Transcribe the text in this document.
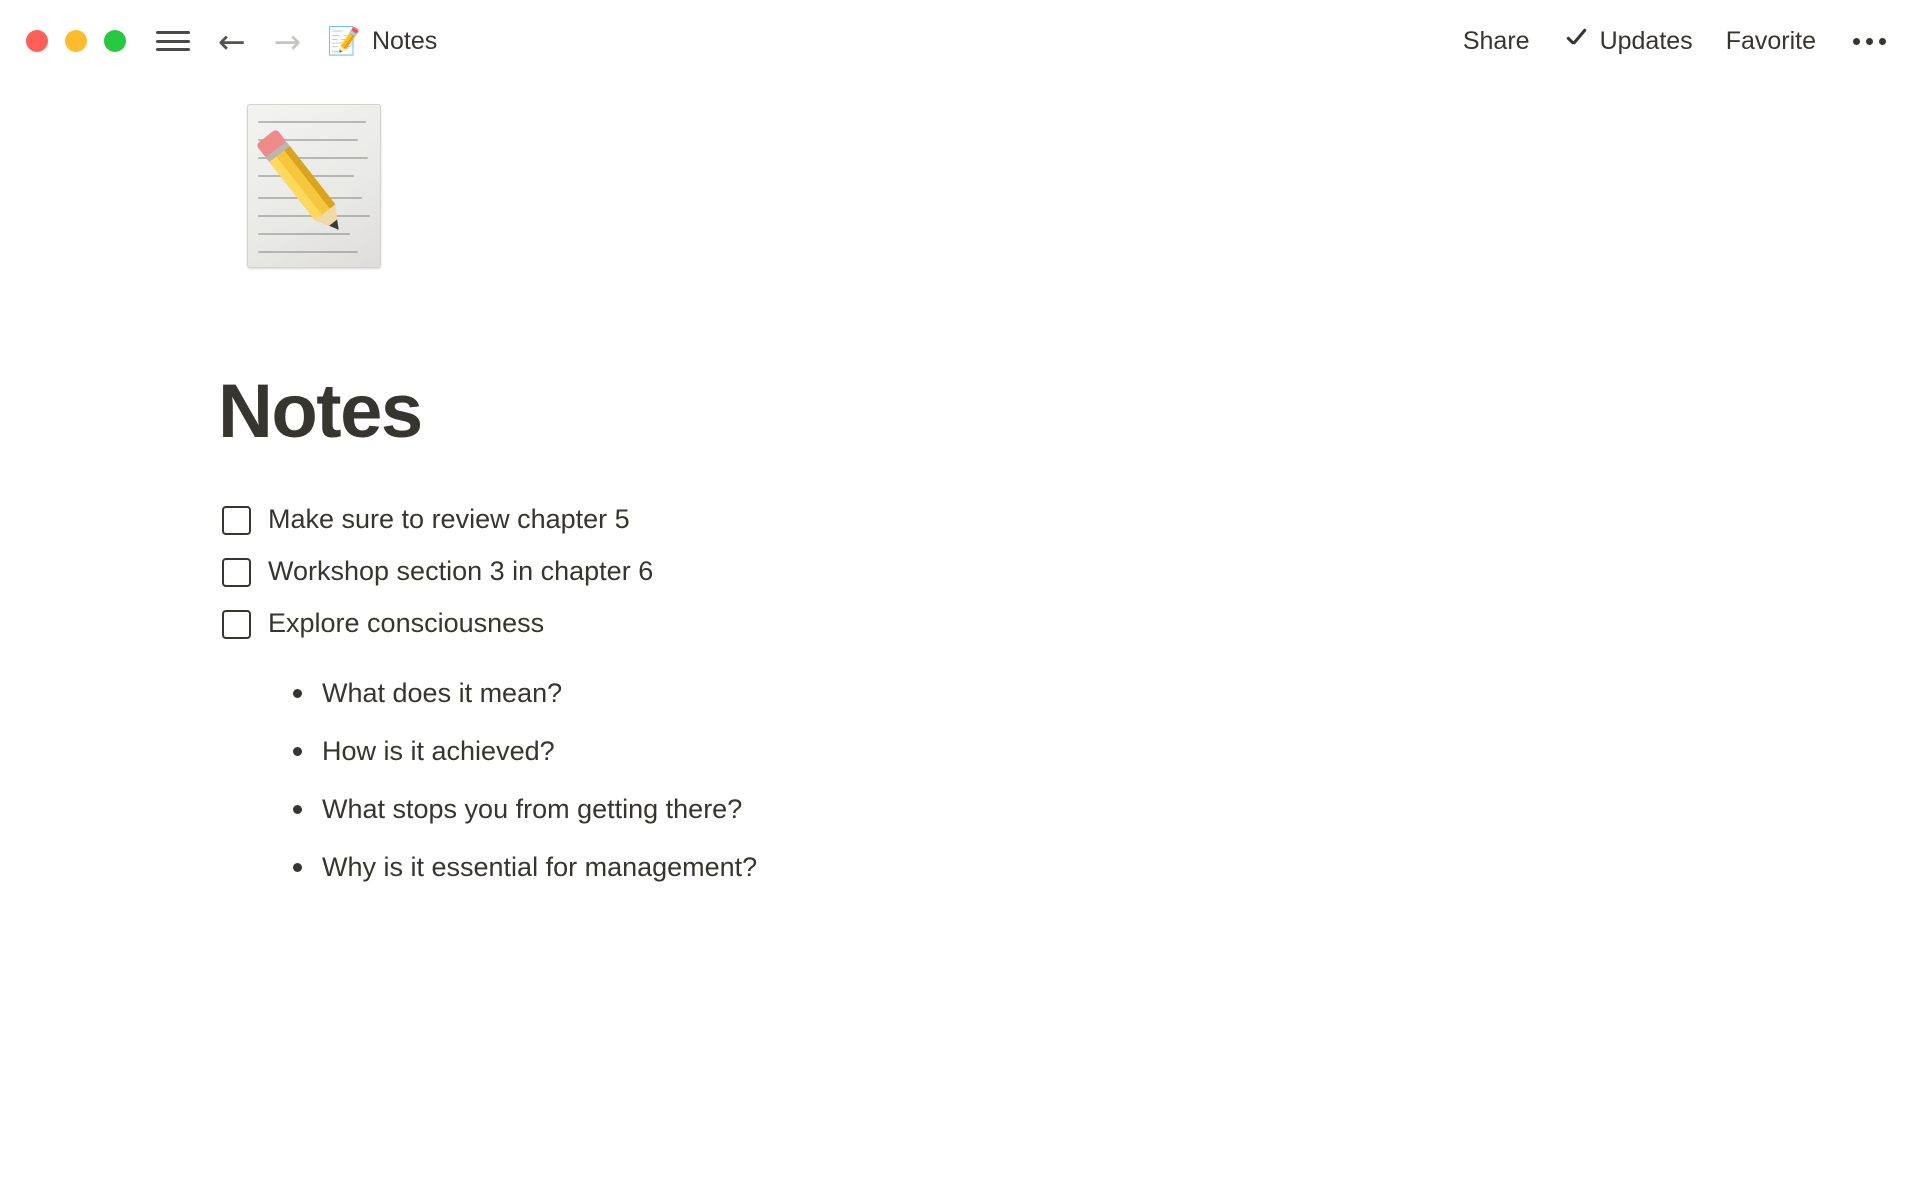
← → 📝 Notes	Share	Updates Favorite
Notes
Make sure to review chapter 5
Workshop section 3 in chapter 6
Explore consciousness
What does it mean?
How is it achieved?
What stops you from getting there?
Why is it essential for management?
